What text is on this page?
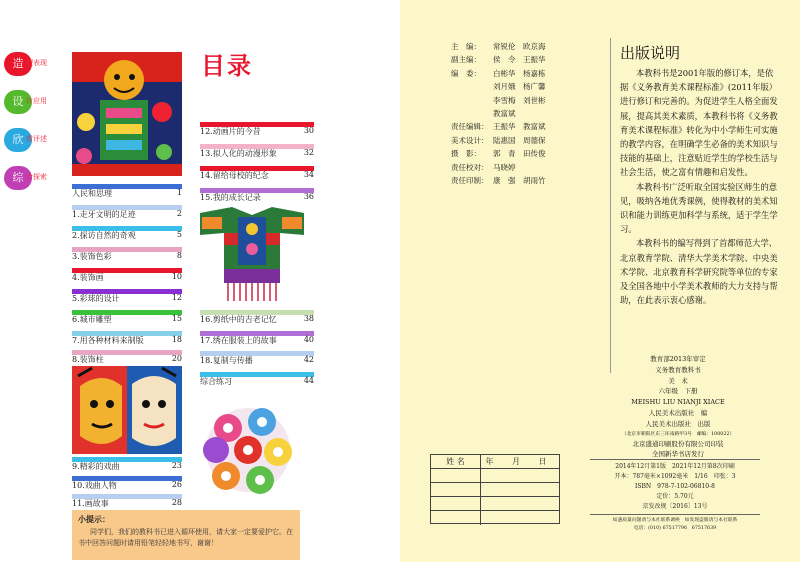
造 型表现
设 计应用
欣 赏评述
综 合探索
目录
人民和思理	1
1.走牙文明的足迹	2
2.探访自然的奇观	5
3.装饰色彩	8
4.装饰画	10
5.彩球的设计	12
6.城市雕塑	15
7.用各种材料来制版	18
8.装饰柱	20
9.精彩的戏曲	23
10.戏曲人物	26
11.画故事	28
12.动画片的今昔	30
13.拟人化的动漫形象	32
14.留给母校的纪念	34
15.我的成长记录	36
16.剪纸中的吉老记忆	38
17.绣在服装上的故事	40
18.复制与传播	42
综合练习	44
小提示：
同学们，我们的教科书已进入循环使用，请大家一定要爱护它。在书中回答问题时请用铅笔轻轻地书写，谢谢！
主　编：	常锐伦　欧京海
副主编：	侯　令　王振华
编　委：	白彬华　杨嘉栋
刘月娥　杨广馨
李雪梅　刘世彬
教富斌
责任编辑： 王振华　教富斌
美术设计： 陆惠国　周德保
摄　影：	郭　青　田传俊
责任校对： 马晓婷
责任印制： 康　强　胡雨竹
出版说明

本教科书是2001年版的修订本，是依据《义务教育美术课程标准》(2011年版）进行修订和完善的。为促进学生人格全面发展，提高其美术素质，本教科书将《义务教育美术课程标准》转化为中小学师生可实施的教学内容，在明确学生必备的美术知识与技能的基础上，注意贴近学生的学校生活与社会生活，使之富有情趣和启发性。

本教科书广泛听取全国实验区师生的意见，吸纳各地优秀课例，使得教材的美术知识和能力训练更加科学与系统，适于学生学习。

本教科书的编写得到了首都师范大学、北京教育学院、清华大学美术学院、中央美术学院、北京教育科学研究院等单位的专家及全国各地中小学美术教师的大力支持与帮助，在此表示衷心感谢。

教育部2013年审定
义务教育教科书
美　术
六年级　下册
MEISHU LIU NIANJI XIACE
人民美术出版社　编
人民美术出版社　出版
（北京市朝阳区东三环南路甲3号　邮编：100022）
北京盛通印刷股份有限公司印装
全国新华书店发行
姓 名	年 月 日
2014年12月第1版　2021年12月第8次印刷
开本：787毫米×1092毫米　1/16　印张：3
ISBN　978-7-102-06810-8
定价：5.70元
京发改规〔2016〕13号
如遇质量问题请与本社联系调换　如发现盗版请与本社联系
电话：(010) 67517796　67517639
